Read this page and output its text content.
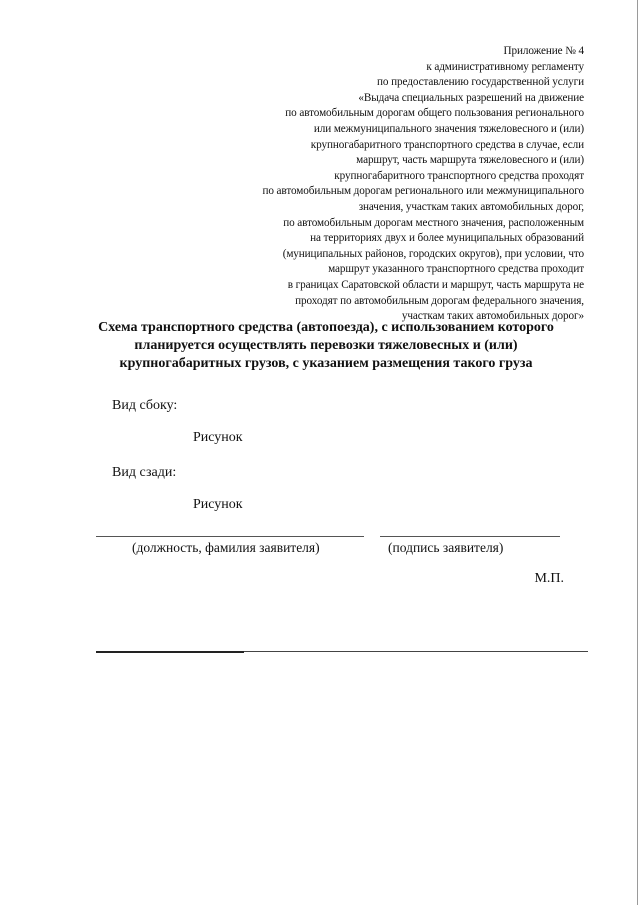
Приложение № 4
к административному регламенту
по предоставлению государственной услуги
«Выдача специальных разрешений на движение
по автомобильным дорогам общего пользования регионального
или межмуниципального значения тяжеловесного и (или)
крупногабаритного транспортного средства в случае, если
маршрут, часть маршрута тяжеловесного и (или)
крупногабаритного транспортного средства проходят
по автомобильным дорогам регионального или межмуниципального
значения, участкам таких автомобильных дорог,
по автомобильным дорогам местного значения, расположенным
на территориях двух и более муниципальных образований
(муниципальных районов, городских округов), при условии, что
маршрут указанного транспортного средства проходит
в границах Саратовской области и маршрут, часть маршрута не
проходят по автомобильным дорогам федерального значения,
участкам таких автомобильных дорог»
Схема транспортного средства (автопоезда), с использованием которого
планируется осуществлять перевозки тяжеловесных и (или)
крупногабаритных грузов, с указанием размещения такого груза
Вид сбоку:
Рисунок
Вид сзади:
Рисунок
(должность, фамилия заявителя)	(подпись заявителя)
М.П.
